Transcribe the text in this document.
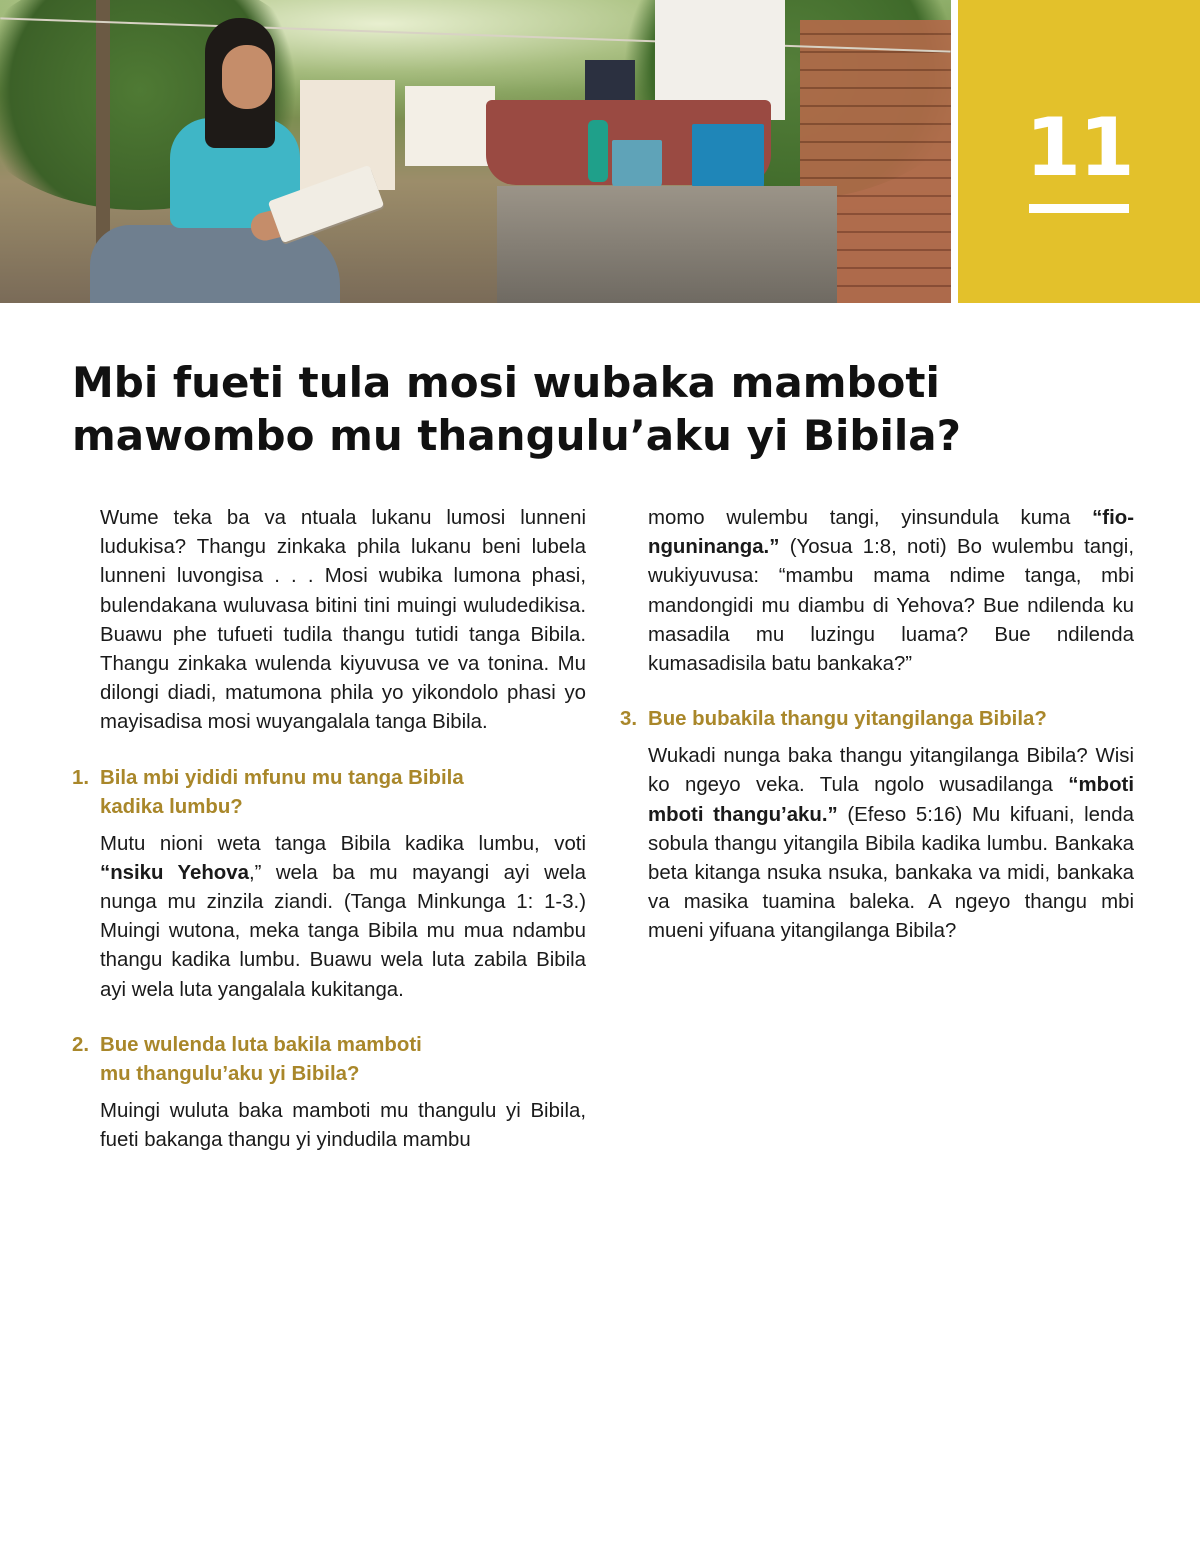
11
Mbi fueti tula mosi wubaka mamboti
mawombo mu thangulu’aku yi Bibila?

Wume teka ba va ntuala lukanu lumosi lunneni ludukisa? Thangu zinkaka phila lukanu beni lubela lunneni luvongisa . . . Mosi wubika lumona phasi, bulendakana wuluvasa bitini tini muingi wuludedikisa. Buawu phe tufueti tudila thangu tutidi tanga Bibila. Thangu zinkaka wulenda kiyuvusa ve va tonina. Mu dilongi diadi, matumona phila yo yikondolo phasi yo mayisadisa mosi wuyangalala tanga Bibila.

1. Bila mbi yididi mfunu mu tanga Bibila
kadika lumbu?

Mutu nioni weta tanga Bibila kadika lumbu, voti “nsiku Yehova,” wela ba mu mayangi ayi wela nunga mu zinzila ziandi. (Tanga Minkunga 1: 1-3.) Muingi wutona, meka tanga Bibila mu mua ndambu thangu kadika lumbu. Buawu wela luta zabila Bibila ayi wela luta yangalala kukitanga.

2. Bue wulenda luta bakila mamboti
mu thangulu’aku yi Bibila?

Muingi wuluta baka mamboti mu thangulu yi Bibila, fueti bakanga thangu yi yindudila mambu

momo wulembu tangi, yinsundula kuma “fionguninanga.” (Yosua 1:8, noti) Bo wulembu tangi, wukiyuvusa: “mambu mama ndime tanga, mbi mandongidi mu diambu di Yehova? Bue ndilenda ku masadila mu luzingu luama? Bue ndilenda kumasadisila batu bankaka?”

3. Bue bubakila thangu yitangilanga Bibila?

Wukadi nunga baka thangu yitangilanga Bibila? Wisi ko ngeyo veka. Tula ngolo wusadilanga “mboti mboti thangu’aku.” (Efeso 5:16) Mu kifuani, lenda sobula thangu yitangila Bibila kadika lumbu. Bankaka beta kitanga nsuka nsuka, bankaka va midi, bankaka va masika tuamina baleka. A ngeyo thangu mbi mueni yifuana yitangilanga Bibila?
